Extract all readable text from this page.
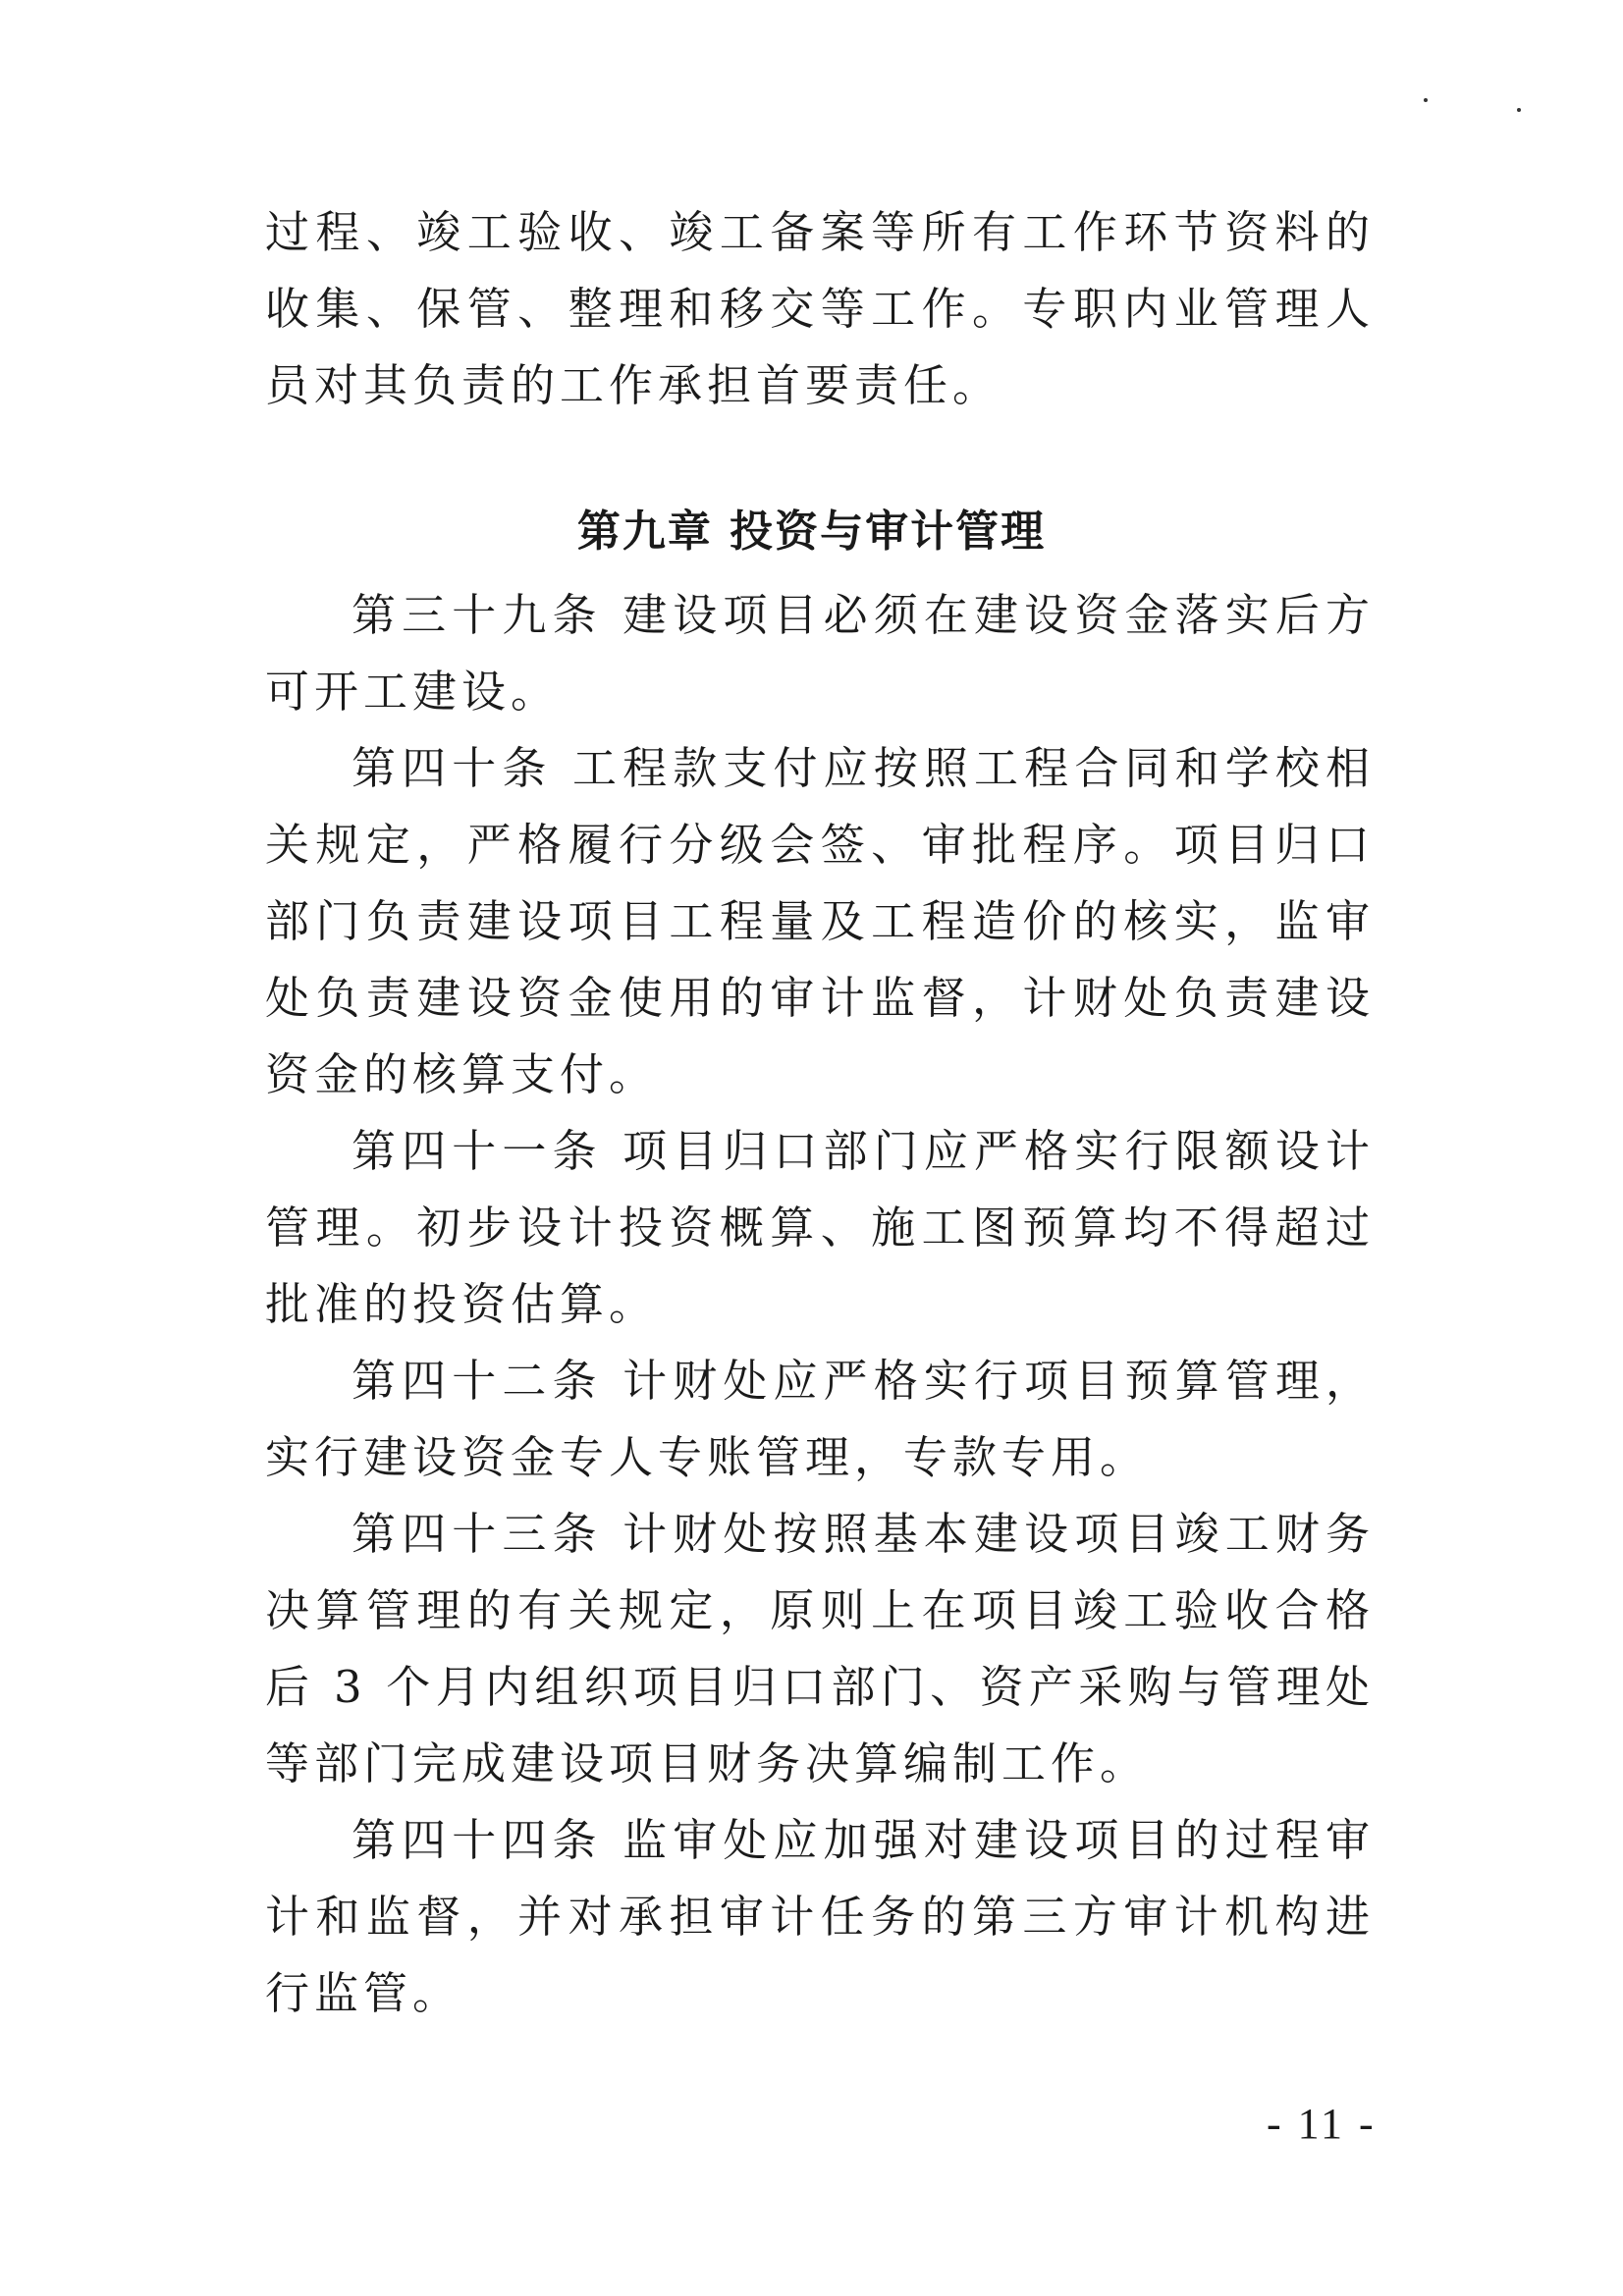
过程、竣工验收、竣工备案等所有工作环节资料的收集、保管、整理和移交等工作。专职内业管理人员对其负责的工作承担首要责任。

第九章 投资与审计管理

第三十九条 建设项目必须在建设资金落实后方可开工建设。

第四十条 工程款支付应按照工程合同和学校相关规定，严格履行分级会签、审批程序。项目归口部门负责建设项目工程量及工程造价的核实，监审处负责建设资金使用的审计监督，计财处负责建设资金的核算支付。

第四十一条 项目归口部门应严格实行限额设计管理。初步设计投资概算、施工图预算均不得超过批准的投资估算。

第四十二条 计财处应严格实行项目预算管理，实行建设资金专人专账管理，专款专用。

第四十三条 计财处按照基本建设项目竣工财务决算管理的有关规定，原则上在项目竣工验收合格后 3 个月内组织项目归口部门、资产采购与管理处等部门完成建设项目财务决算编制工作。

第四十四条 监审处应加强对建设项目的过程审计和监督，并对承担审计任务的第三方审计机构进行监管。

- 11 -
